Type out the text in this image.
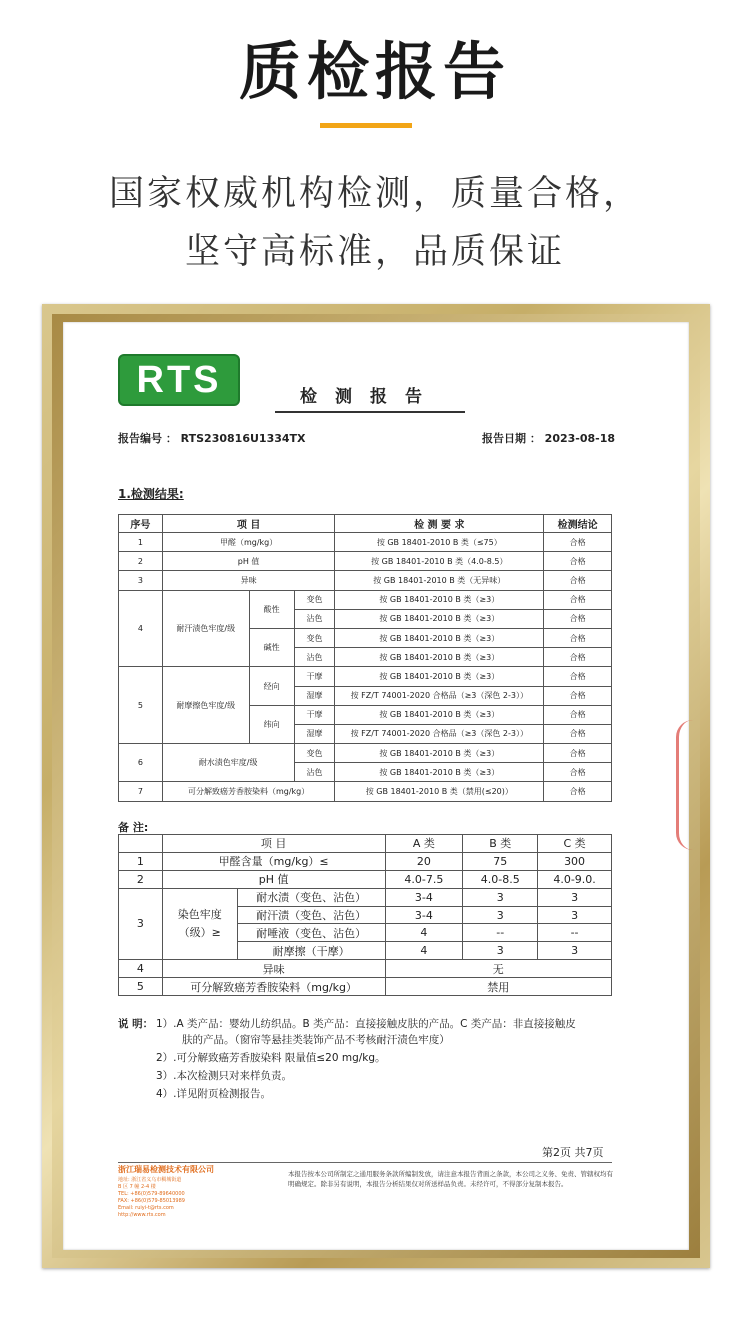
质检报告
国家权威机构检测，质量合格，
坚守高标准，品质保证
RTS	检测报告
报告编号 ： RTS230816U1334TX	报告日期 ： 2023-08-18
1.检测结果:
序号	项 目			检 测 要 求	检测结论
1	甲醛（mg/kg）			按 GB 18401-2010 B 类（≤75）	合格
2	pH 值			按 GB 18401-2010 B 类（4.0-8.5）	合格
3	异味			按 GB 18401-2010 B 类（无异味）	合格
4	耐汗渍色牢度/级	酸性	变色	按 GB 18401-2010 B 类（≥3）	合格
			沾色	按 GB 18401-2010 B 类（≥3）	合格
		碱性	变色	按 GB 18401-2010 B 类（≥3）	合格
			沾色	按 GB 18401-2010 B 类（≥3）	合格
5	耐摩擦色牢度/级	经向	干摩	按 GB 18401-2010 B 类（≥3）	合格
			湿摩	按 FZ/T 74001-2020 合格品（≥3（深色 2-3））	合格
		纬向	干摩	按 GB 18401-2010 B 类（≥3）	合格
			湿摩	按 FZ/T 74001-2020 合格品（≥3（深色 2-3））	合格
6	耐水渍色牢度/级		变色	按 GB 18401-2010 B 类（≥3）	合格
			沾色	按 GB 18401-2010 B 类（≥3）	合格
7	可分解致癌芳香胺染料（mg/kg）			按 GB 18401-2010 B 类（禁用(≤20)）	合格
备 注:
	项 目		A 类	B 类	C 类
1	甲醛含量（mg/kg）≤		20	75	300
2	pH 值		4.0-7.5	4.0-8.5	4.0-9.0.
3	染色牢度
（级）≥	耐水渍（变色、沾色）	3-4	3	3
		耐汗渍（变色、沾色）	3-4	3	3
		耐唾液（变色、沾色）	4	--	--
		耐摩擦（干摩）	4	3	3
4	异味		无		
5	可分解致癌芳香胺染料（mg/kg）		禁用		
说 明： 1）.A 类产品：婴幼儿纺织品。B 类产品：直接接触皮肤的产品。C 类产品：非直接接触皮
肤的产品。（窗帘等悬挂类装饰产品不考核耐汗渍色牢度）
2）.可分解致癌芳香胺染料 限量值≤20 mg/kg。
3）.本次检测只对来样负责。
4）.详见附页检测报告。
第2页 共7页
浙江瑞易检测技术有限公司
地址: 浙江省义乌市稠城街道
B 区 7 幢 2-4 楼
TEL: +86(0)579-89640000
FAX: +86(0)579-85013989
Email: ruiyi-t@rts.com
http://www.rts.com
本报告按本公司所制定之通用服务条款所编制发放，请注意本报告背面之条款，本公司之义务、免责、管辖权均有明确规定。除非另有说明，本报告分析结果仅对所送样品负责。未经许可，不得部分复制本报告。
